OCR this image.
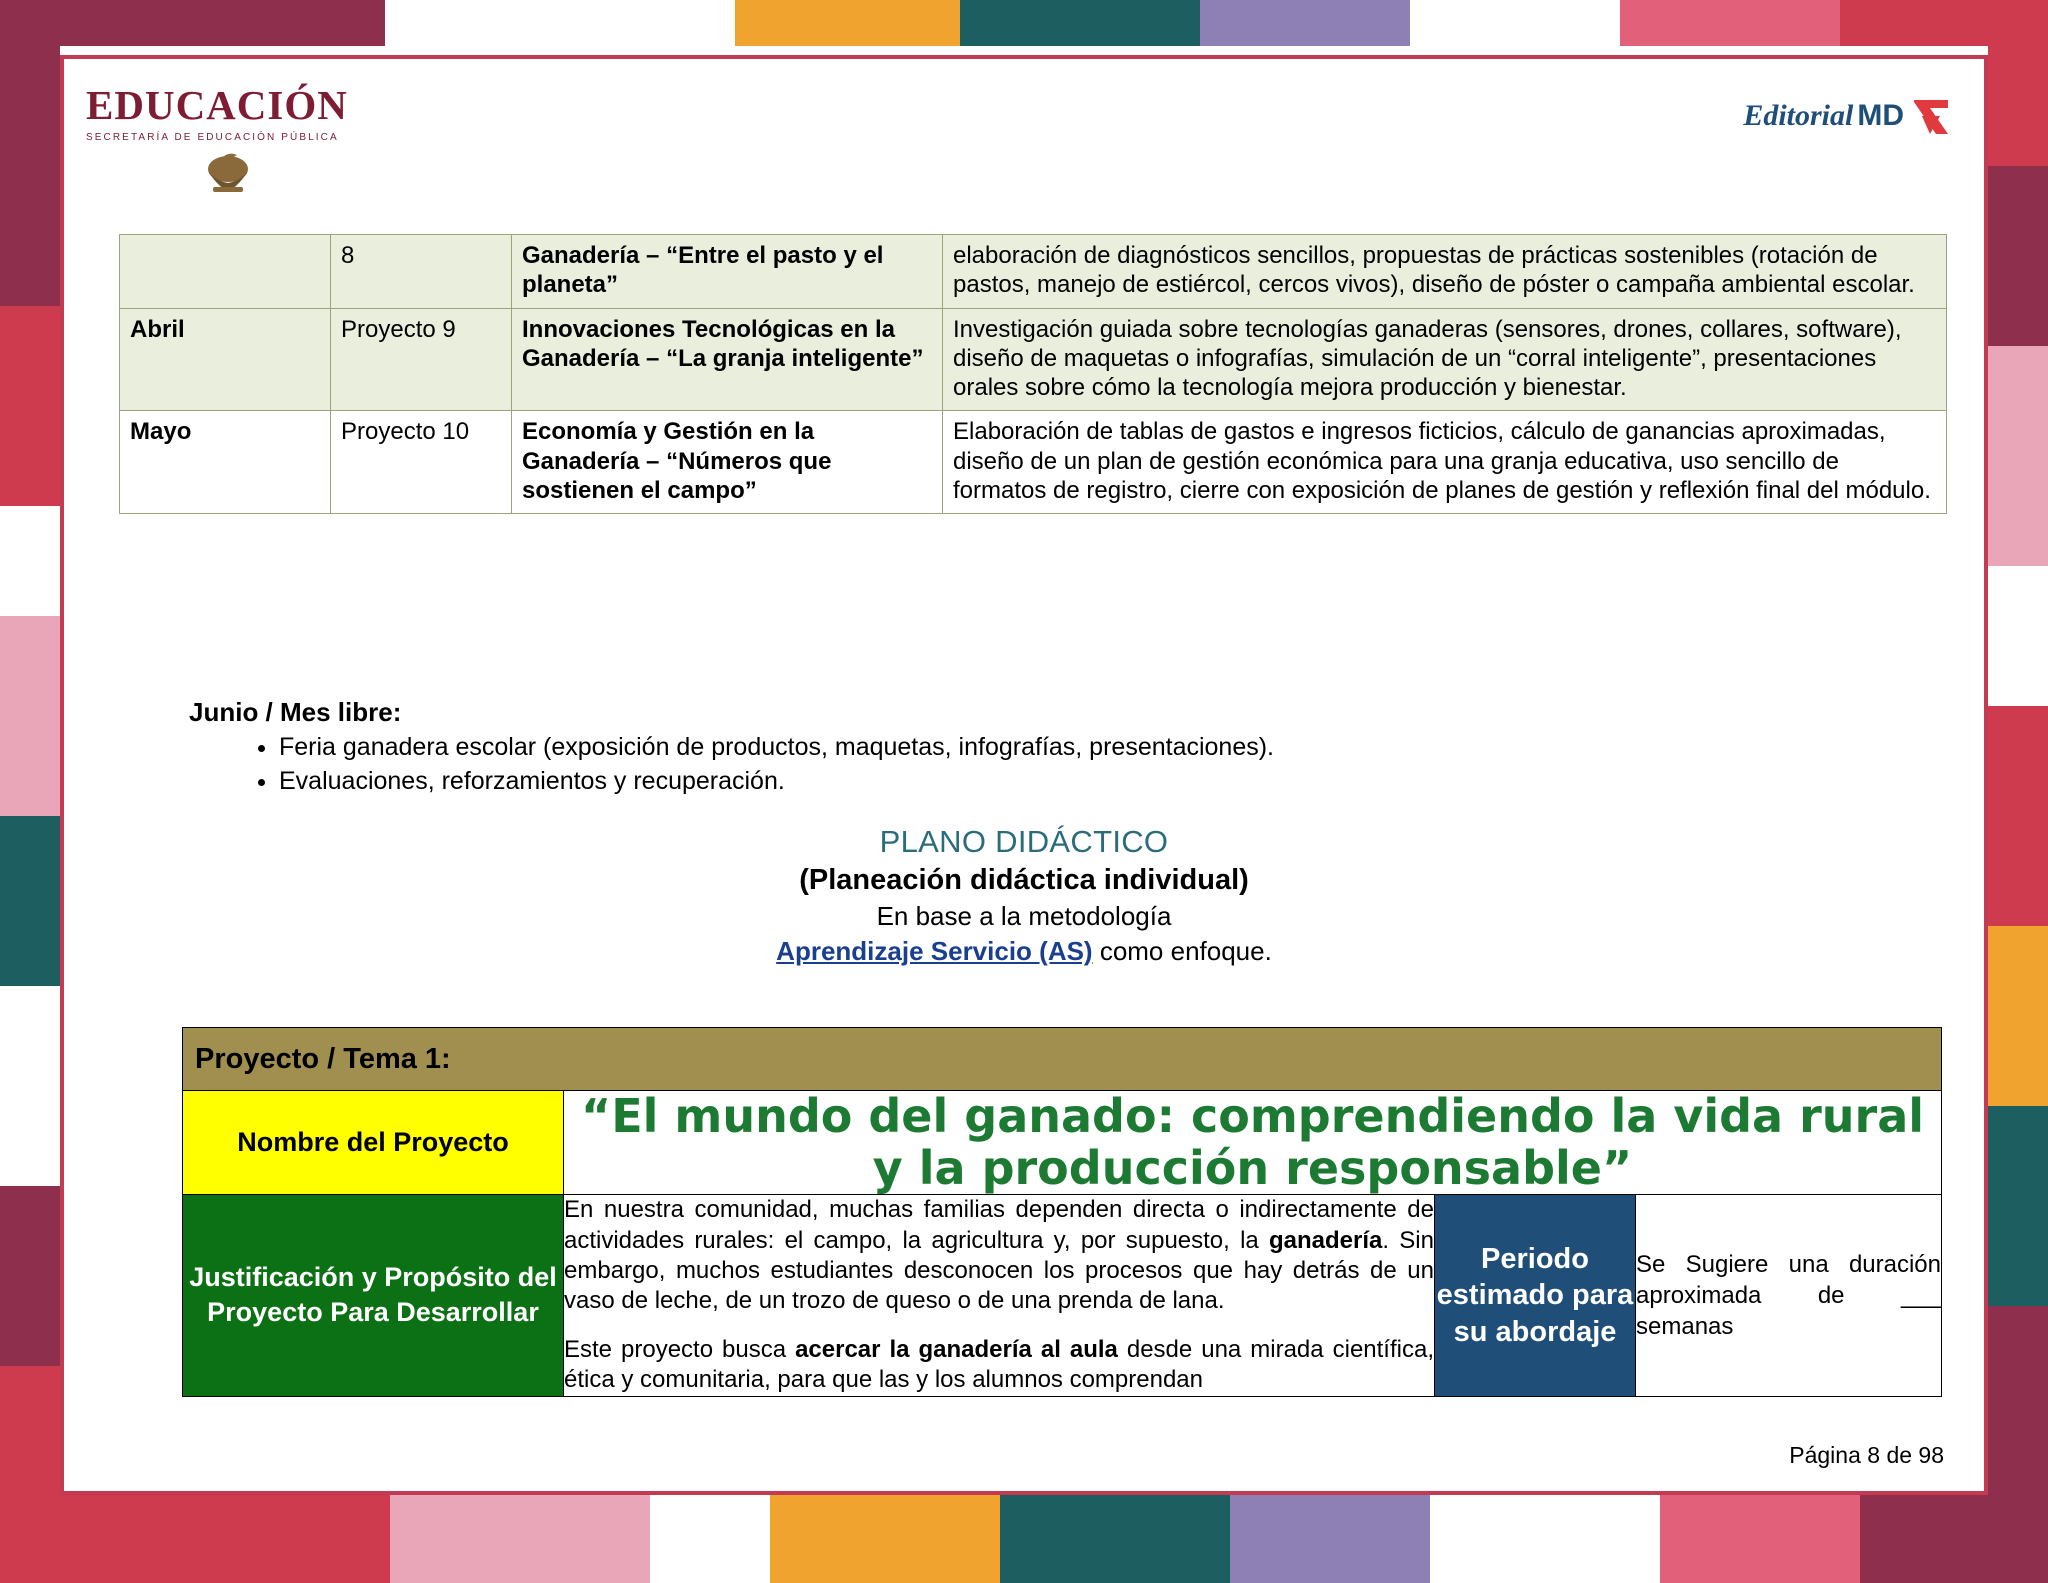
EDUCACIÓN
SECRETARÍA DE EDUCACIÓN PÚBLICA
Editorial MD
	8	Ganadería – “Entre el pasto y el planeta”	elaboración de diagnósticos sencillos, propuestas de prácticas sostenibles (rotación de pastos, manejo de estiércol, cercos vivos), diseño de póster o campaña ambiental escolar.
Abril	Proyecto 9	Innovaciones Tecnológicas en la Ganadería – “La granja inteligente”	Investigación guiada sobre tecnologías ganaderas (sensores, drones, collares, software), diseño de maquetas o infografías, simulación de un “corral inteligente”, presentaciones orales sobre cómo la tecnología mejora producción y bienestar.
Mayo	Proyecto 10	Economía y Gestión en la Ganadería – “Números que sostienen el campo”	Elaboración de tablas de gastos e ingresos ficticios, cálculo de ganancias aproximadas, diseño de un plan de gestión económica para una granja educativa, uso sencillo de formatos de registro, cierre con exposición de planes de gestión y reflexión final del módulo.
Junio / Mes libre:
• Feria ganadera escolar (exposición de productos, maquetas, infografías, presentaciones).
• Evaluaciones, reforzamientos y recuperación.
PLANO DIDÁCTICO
(Planeación didáctica individual)
En base a la metodología
Aprendizaje Servicio (AS) como enfoque.
Proyecto / Tema 1:			
Nombre del Proyecto	“El mundo del ganado: comprendiendo la vida rural y la producción responsable”		
Justificación y Propósito del Proyecto Para Desarrollar	En nuestra comunidad, muchas familias dependen directa o indirectamente de actividades rurales: el campo, la agricultura y, por supuesto, la ganadería. Sin embargo, muchos estudiantes desconocen los procesos que hay detrás de un vaso de leche, de un trozo de queso o de una prenda de lana.

Este proyecto busca acercar la ganadería al aula desde una mirada científica, ética y comunitaria, para que las y los alumnos comprendan	Periodo estimado para su abordaje	Se Sugiere una duración aproximada de ___ semanas
Página 8 de 98
